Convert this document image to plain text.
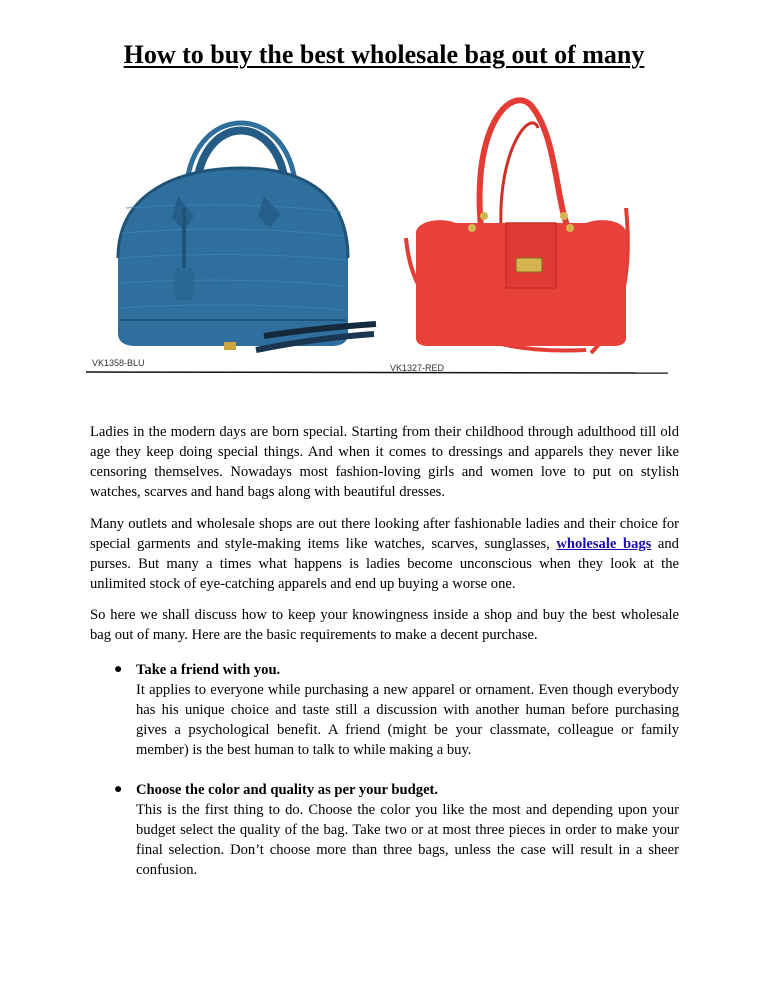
How to buy the best wholesale bag out of many
VK1358-BLU	VK1327-RED
Ladies in the modern days are born special. Starting from their childhood through adulthood till old age they keep doing special things. And when it comes to dressings and apparels they never like censoring themselves. Nowadays most fashion-loving girls and women love to put on stylish watches, scarves and hand bags along with beautiful dresses.
Many outlets and wholesale shops are out there looking after fashionable ladies and their choice for special garments and style-making items like watches, scarves, sunglasses, wholesale bags and purses. But many a times what happens is ladies become unconscious when they look at the unlimited stock of eye-catching apparels and end up buying a worse one.
So here we shall discuss how to keep your knowingness inside a shop and buy the best wholesale bag out of many. Here are the basic requirements to make a decent purchase.
● Take a friend with you.
It applies to everyone while purchasing a new apparel or ornament. Even though everybody has his unique choice and taste still a discussion with another human before purchasing gives a psychological benefit. A friend (might be your classmate, colleague or family member) is the best human to talk to while making a buy.
● Choose the color and quality as per your budget.
This is the first thing to do. Choose the color you like the most and depending upon your budget select the quality of the bag. Take two or at most three pieces in order to make your final selection. Don’t choose more than three bags, unless the case will result in a sheer confusion.
